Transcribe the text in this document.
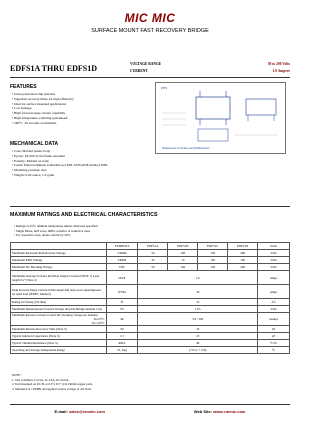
MIC MIC
SURFACE MOUNT FAST RECOVERY BRIDGE
EDFS1A THRU EDFS1D
VOLTAGE RANGE	50 to 200 Volts
CURRENT	1.0 Ampere
FEATURES
• Glass passivated chip junction
• Superfast recovery times for high efficiency
• Ideal for surface mounted applications
• Low leakage
• High forward surge current capability
• High temperature soldering guaranteed:
• 260°C /10 seconds at terminals
DFS
Dimensions in inches and (millimeters)
MECHANICAL DATA
• Case: Molded plastic body
• Epoxy: UL94V-0 rate flame retardant
• Polarity: Molded on body
• Leads: Plated terminals solderable per MIL-STD-202E method 208C
• Mounting position: Any
• Weight: 0.04 ounce, 1.0 gram
MAXIMUM RATINGS AND ELECTRICAL CHARACTERISTICS
• Ratings at 25°C ambient temperature unless otherwise specified.
• Single Phase, half wave, 60Hz, resistive or inductive load.
• For capacitive load, derate current by 20%
	SYMBOLS	EDFS1A	EDFS1B	EDFS1C	EDFS1D	Units
Maximum Recurrent Peak Reverse Voltage	VRRM	50	100	150	200	Volts
Maximum RMS Voltage	VRMS	35	70	105	140	Volts
Maximum DC Blocking Voltage	VDC	50	100	150	200	Volts
Maximum Average Forward Rectified Output Current (NOTE 1) Lead length 0.2" (Note 2)	IAVE	1.0				Amps
Peak Forward Surge Current 8.3ms single half sine-wave superimposed on rated load (JEDEC Method)	IFSM	30				Amps
Rating for fusing (t<8.3ms)	I²t	10				A²s
Maximum Instantaneous Forward Voltage drop Per Bridge element 1.0A	VF	1.05				Volts
Maximum Reverse Current at rated DC blocking voltage per element
Ta=25°C
Ta=125°C	IR	5.0 / 500				μAmps
Maximum Reverse Recovery Time (Note 3)	Trr	35				nS
Typical Junction Capacitance (Note 3)	CJ	25				pF
Typical Thermal Resistance (Note 3)	RθJA	40				°C/W
Operating and Storage Temperature Range	TJ, Tstg	(-55 to + 150)				°C
NOTE :
1. Test condition: I=0.5A, Ir=1.0A, Irr=0.25A.
2. Unit mounted on P.C.B. at 0.5"x 0.5" (13x13mm) copper pads.
3. Measured at 1.0MHz and applied reverse voltage of 4.0 Volts.
E-mail: sales@cmmic.com	Web Site: www.cmmic.com
